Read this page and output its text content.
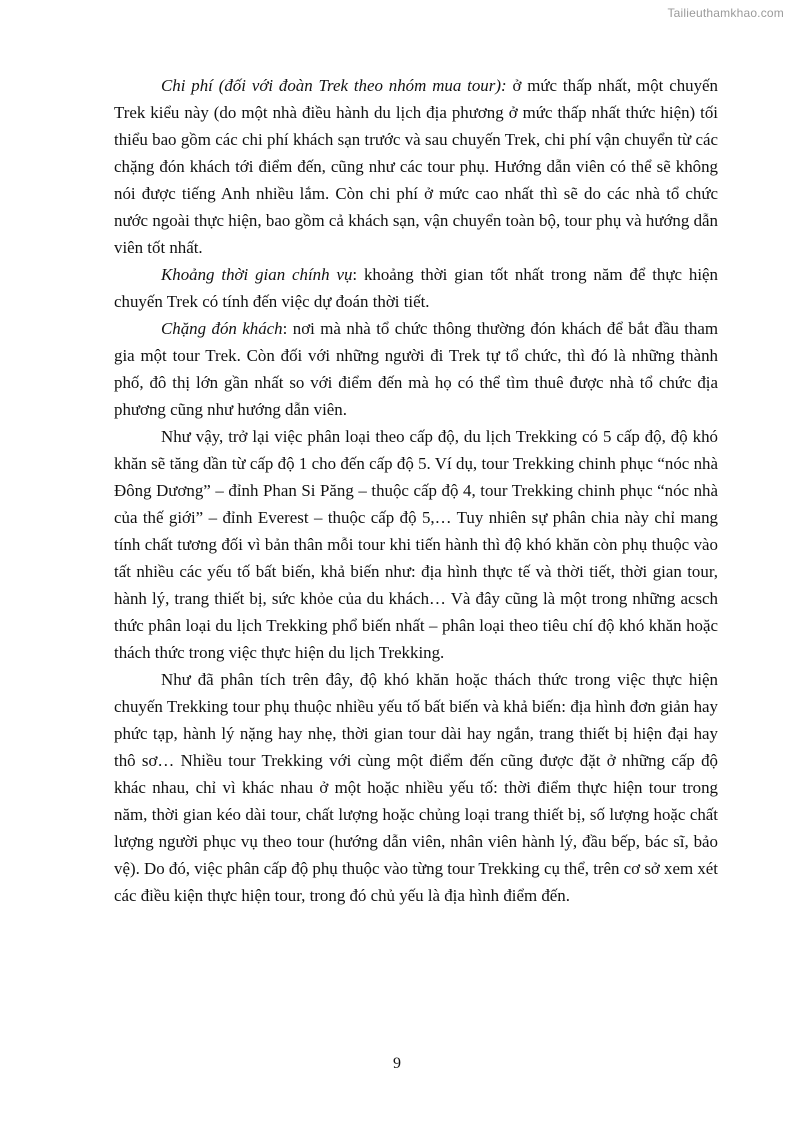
Tailieuthamkhao.com

Chi phí (đối với đoàn Trek theo nhóm mua tour): ở mức thấp nhất, một chuyến Trek kiểu này (do một nhà điều hành du lịch địa phương ở mức thấp nhất thức hiện) tối thiểu bao gồm các chi phí khách sạn trước và sau chuyến Trek, chi phí vận chuyển từ các chặng đón khách tới điểm đến, cũng như các tour phụ. Hướng dẫn viên có thể sẽ không nói được tiếng Anh nhiều lắm. Còn chi phí ở mức cao nhất thì sẽ do các nhà tổ chức nước ngoài thực hiện, bao gồm cả khách sạn, vận chuyển toàn bộ, tour phụ và hướng dẫn viên tốt nhất.

Khoảng thời gian chính vụ: khoảng thời gian tốt nhất trong năm để thực hiện chuyến Trek có tính đến việc dự đoán thời tiết.

Chặng đón khách: nơi mà nhà tổ chức thông thường đón khách để bắt đầu tham gia một tour Trek. Còn đối với những người đi Trek tự tổ chức, thì đó là những thành phố, đô thị lớn gần nhất so với điểm đến mà họ có thể tìm thuê được nhà tổ chức địa phương cũng như hướng dẫn viên.

Như vậy, trở lại việc phân loại theo cấp độ, du lịch Trekking có 5 cấp độ, độ khó khăn sẽ tăng dần từ cấp độ 1 cho đến cấp độ 5. Ví dụ, tour Trekking chinh phục “nóc nhà Đông Dương” – đỉnh Phan Si Păng – thuộc cấp độ 4, tour Trekking chinh phục “nóc nhà của thế giới” – đỉnh Everest – thuộc cấp độ 5,… Tuy nhiên sự phân chia này chỉ mang tính chất tương đối vì bản thân mỗi tour khi tiến hành thì độ khó khăn còn phụ thuộc vào tất nhiều các yếu tố bất biến, khả biến như: địa hình thực tế và thời tiết, thời gian tour, hành lý, trang thiết bị, sức khỏe của du khách… Và đây cũng là một trong những acsch thức phân loại du lịch Trekking phổ biến nhất – phân loại theo tiêu chí độ khó khăn hoặc thách thức trong việc thực hiện du lịch Trekking.

Như đã phân tích trên đây, độ khó khăn hoặc thách thức trong việc thực hiện chuyến Trekking tour phụ thuộc nhiều yếu tố bất biến và khả biến: địa hình đơn giản hay phức tạp, hành lý nặng hay nhẹ, thời gian tour dài hay ngắn, trang thiết bị hiện đại hay thô sơ… Nhiều tour Trekking với cùng một điểm đến cũng được đặt ở những cấp độ khác nhau, chỉ vì khác nhau ở một hoặc nhiều yếu tố: thời điểm thực hiện tour trong năm, thời gian kéo dài tour, chất lượng hoặc chủng loại trang thiết bị, số lượng hoặc chất lượng người phục vụ theo tour (hướng dẫn viên, nhân viên hành lý, đầu bếp, bác sĩ, bảo vệ). Do đó, việc phân cấp độ phụ thuộc vào từng tour Trekking cụ thể, trên cơ sở xem xét các điều kiện thực hiện tour, trong đó chủ yếu là địa hình điểm đến.

9
